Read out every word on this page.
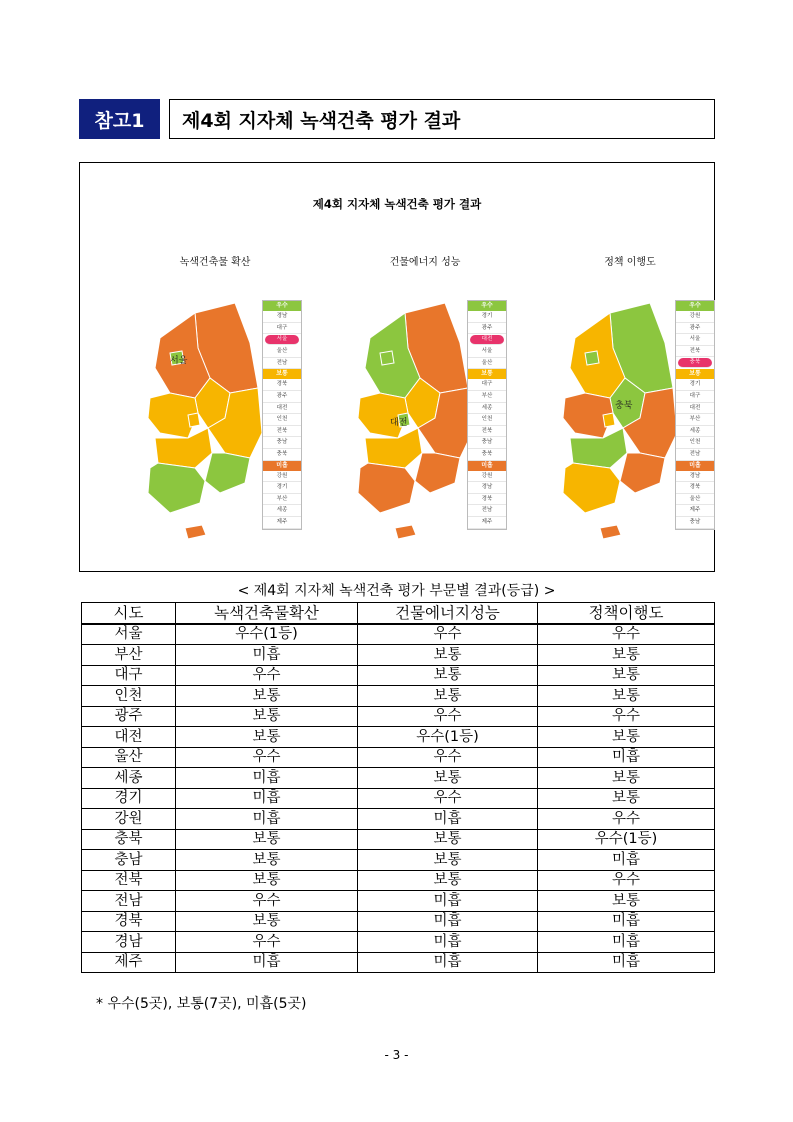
참고1	제4회 지자체 녹색건축 평가 결과
제4회 지자체 녹색건축 평가 결과
녹색건축물 확산
서울
우수
경남
대구
서울
울산
전남
보통
경북
광주
대전
인천
전북
충남
충북
미흡
강원
경기
부산
세종
제주
건물에너지 성능
대전
우수
경기
광주
대전
서울
울산
보통
대구
부산
세종
인천
전북
충남
충북
미흡
강원
경남
경북
전남
제주
정책 이행도
충북
우수
강원
광주
서울
전북
충북
보통
경기
대구
대전
부산
세종
인천
전남
미흡
경남
경북
울산
제주
충남
< 제4회 지자체 녹색건축 평가 부문별 결과(등급) >
시도	녹색건축물확산	건물에너지성능	정책이행도
서울	우수(1등)	우수	우수
부산	미흡	보통	보통
대구	우수	보통	보통
인천	보통	보통	보통
광주	보통	우수	우수
대전	보통	우수(1등)	보통
울산	우수	우수	미흡
세종	미흡	보통	보통
경기	미흡	우수	보통
강원	미흡	미흡	우수
충북	보통	보통	우수(1등)
충남	보통	보통	미흡
전북	보통	보통	우수
전남	우수	미흡	보통
경북	보통	미흡	미흡
경남	우수	미흡	미흡
제주	미흡	미흡	미흡
* 우수(5곳), 보통(7곳), 미흡(5곳)
- 3 -
